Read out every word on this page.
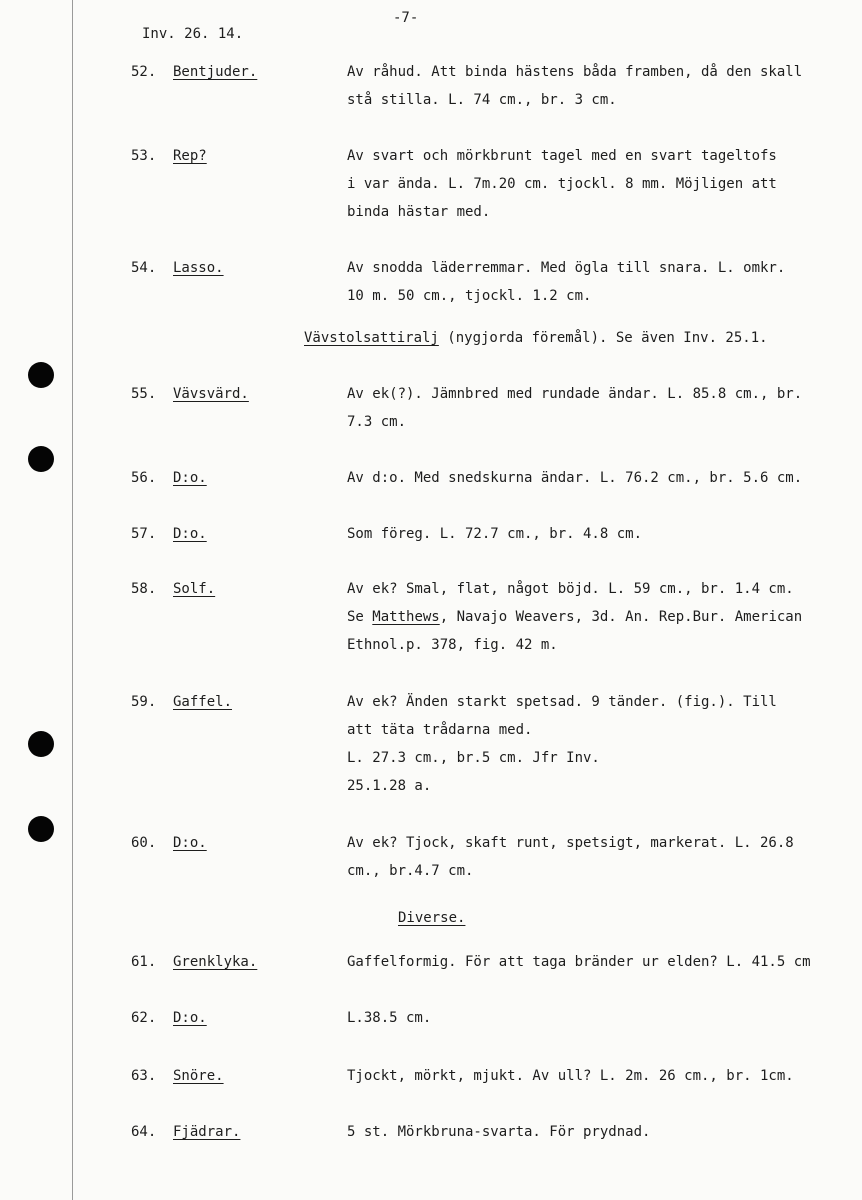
Inv. 26. 14.
-7-
Vävstolsattiralj (nygjorda föremål). Se även Inv. 25.1.
Diverse.
52. Bentjuder.	Av råhud. Att binda hästens båda framben, då den skall
stå stilla. L. 74 cm., br. 3 cm.
53. Rep?	Av svart och mörkbrunt tagel med en svart tageltofs
i var ända. L. 7m.20 cm. tjockl. 8 mm. Möjligen att
binda hästar med.
54. Lasso.	Av snodda läderremmar. Med ögla till snara. L. omkr.
10 m. 50 cm., tjockl. 1.2 cm.
55. Vävsvärd.	Av ek(?). Jämnbred med rundade ändar. L. 85.8 cm., br.
7.3 cm.
56. D:o.	Av d:o. Med snedskurna ändar. L. 76.2 cm., br. 5.6 cm.
57. D:o.	Som föreg. L. 72.7 cm., br. 4.8 cm.
58. Solf.	Av ek? Smal, flat, något böjd. L. 59 cm., br. 1.4 cm.
Se Matthews, Navajo Weavers, 3d. An. Rep.Bur. American
Ethnol.p. 378, fig. 42 m.
59. Gaffel.	Av ek? Änden starkt spetsad. 9 tänder. (fig.). Till
att täta trådarna med.
L. 27.3 cm., br.5 cm. Jfr Inv.
25.1.28 a.
60. D:o.	Av ek? Tjock, skaft runt, spetsigt, markerat. L. 26.8
cm., br.4.7 cm.
61. Grenklyka.	Gaffelformig. För att taga bränder ur elden? L. 41.5 cm
62. D:o.	L.38.5 cm.
63. Snöre.	Tjockt, mörkt, mjukt. Av ull? L. 2m. 26 cm., br. 1cm.
64. Fjädrar.	5 st. Mörkbruna-svarta. För prydnad.
